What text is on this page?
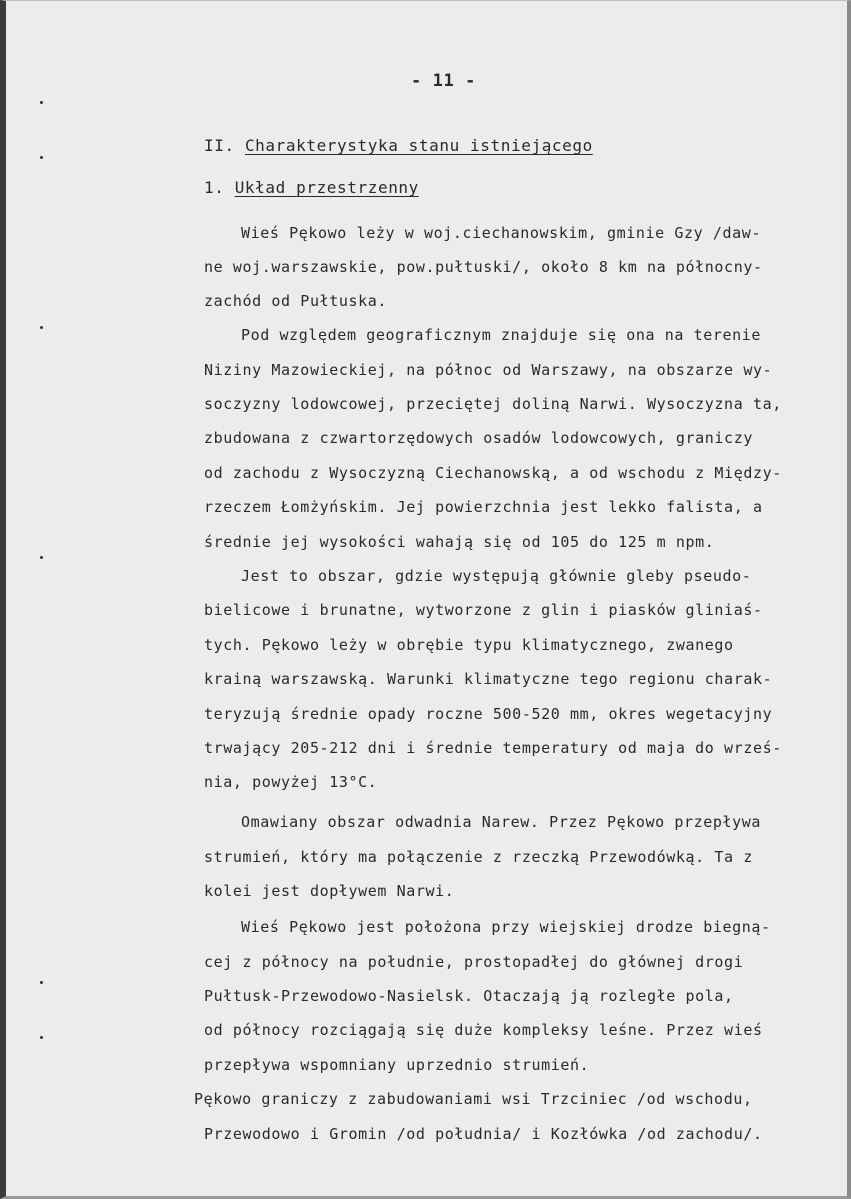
- 11 -
II. Charakterystyka stanu istniejącego
1. Układ przestrzenny
Wieś Pękowo leży w woj.ciechanowskim, gminie Gzy /daw-
ne woj.warszawskie, pow.pułtuski/, około 8 km na północny-
zachód od Pułtuska.
Pod względem geograficznym znajduje się ona na terenie
Niziny Mazowieckiej, na północ od Warszawy, na obszarze wy-
soczyzny lodowcowej, przeciętej doliną Narwi. Wysoczyzna ta,
zbudowana z czwartorzędowych osadów lodowcowych, graniczy
od zachodu z Wysoczyzną Ciechanowską, a od wschodu z Między-
rzeczem Łomżyńskim. Jej powierzchnia jest lekko falista, a
średnie jej wysokości wahają się od 105 do 125 m npm.
Jest to obszar, gdzie występują głównie gleby pseudo-
bielicowe i brunatne, wytworzone z glin i piasków gliniaś-
tych. Pękowo leży w obrębie typu klimatycznego, zwanego
krainą warszawską. Warunki klimatyczne tego regionu charak-
teryzują średnie opady roczne 500-520 mm, okres wegetacyjny
trwający 205-212 dni i średnie temperatury od maja do wrześ-
nia, powyżej 13°C.
Omawiany obszar odwadnia Narew. Przez Pękowo przepływa
strumień, który ma połączenie z rzeczką Przewodówką. Ta z
kolei jest dopływem Narwi.
Wieś Pękowo jest położona przy wiejskiej drodze biegną-
cej z północy na południe, prostopadłej do głównej drogi
Pułtusk-Przewodowo-Nasielsk. Otaczają ją rozległe pola,
od północy rozciągają się duże kompleksy leśne. Przez wieś
przepływa wspomniany uprzednio strumień.
Pękowo graniczy z zabudowaniami wsi Trzciniec /od wschodu,
Przewodowo i Gromin /od południa/ i Kozłówka /od zachodu/.
